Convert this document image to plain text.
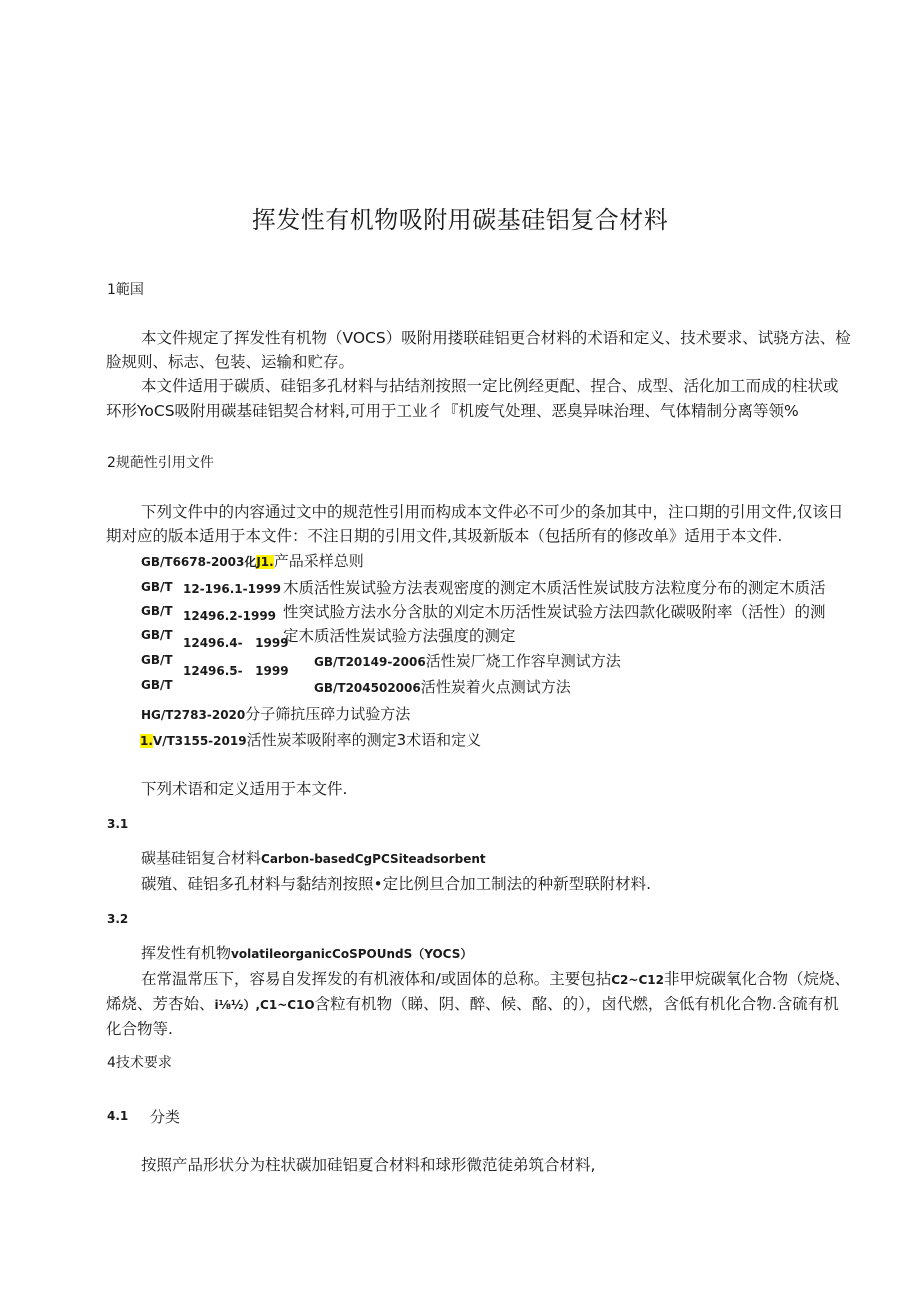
挥发性有机物吸附用碳基硅铝复合材料
1範国
本文件规定了挥发性有机物（VOCS）吸附用搂联硅铝更合材料的术语和定义、技术要求、试骁方法、检
脸规则、标志、包装、运输和贮存。
本文件适用于碳质、硅铝多孔材料与拈结剂按照一定比例经更配、捏合、成型、活化加工而成的柱状或
环形YoCS吸附用碳基硅铝契合材料,可用于工业彳『机废气处理、恶臭异味治理、气体精制分离等领%
2规葩性引用文件
下列文件中的内容通过文中的规范性引用而构成本文件必不可少的条加其中，注口期的引用文件,仅该日
期对应的版本适用于本文件：不注日期的引用文件,其圾新版本（包括所有的修改单》适用于本文件.
GB/T6678-2003化J1.产品采样总则
GB/T
GB/T
GB/T
GB/T
GB/T
12-196.1-1999
12496.2-1999
12496.4-   1999
12496.5-   1999
木质活性炭试验方法表观密度的测定木质活性炭试肢方法粒度分布的测定木质活
性突试脸方法水分含肽的刈定木历活性炭试验方法四款化碳吸附率（活性）的测
定木质活性炭试验方法强度的测定
GB/T20149-2006活性炭厂烧工作容皁测试方法
GB/T204502006活性炭着火点测试方法
HG/T2783-2020分子筛抗压碎力试验方法
1.V/T3155-2019活性炭苯吸附率的测定3术语和定义
下列术语和定义适用于本文件.
3.1
碳基硅铝复合材料Carbon-basedCgPCSiteadsorbent
碳殖、硅铝多孔材料与黏结剂按照•定比例旦合加工制法的种新型联附材料.
3.2
挥发性有机物volatileorganicCoSPOUndS（YOCS）
在常温常压下，容易自发挥发的有机液体和/或固体的总称。主要包拈C2~C12非甲烷碳氧化合物（烷烧、
烯烧、芳杏始、i⅛½）,C1~C1O含粒有机物（睇、阴、醉、候、酩、的），卤代燃，含低有机化合物.含硫有机
化合物等.
4技术要求
4.1 分类
按照产品形状分为柱状碳加硅铝夏合材料和球形微范徒弟筑合材料,
